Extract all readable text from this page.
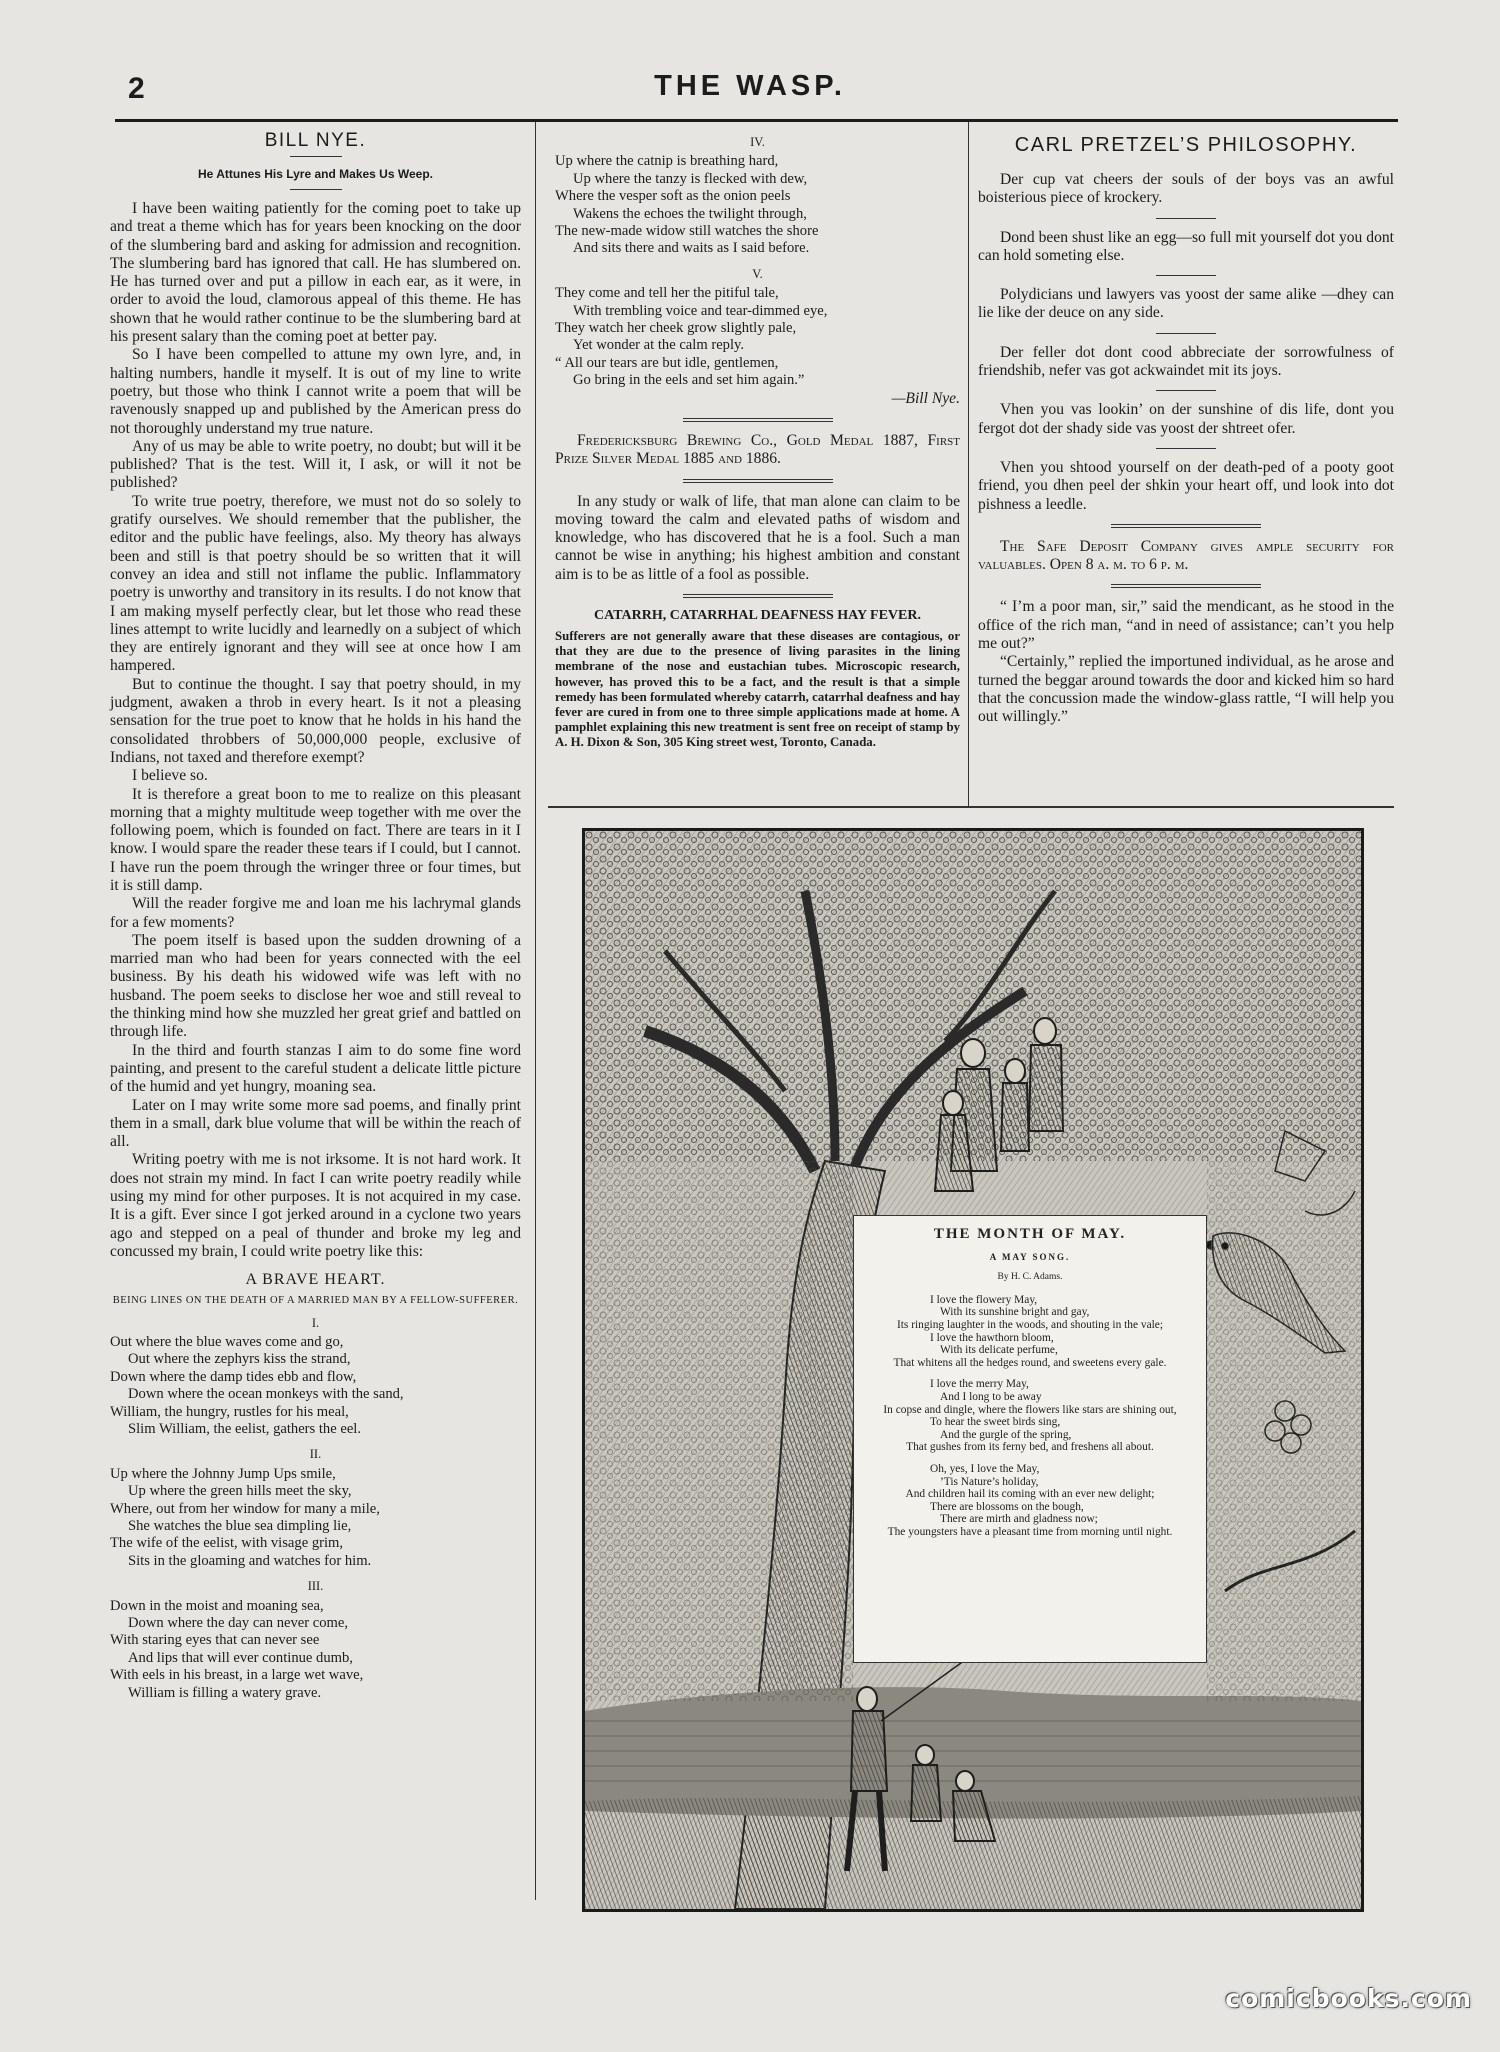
2	THE WASP.
BILL NYE.
He Attunes His Lyre and Makes Us Weep.

I have been waiting patiently for the coming poet to take up and treat a theme which has for years been knocking on the door of the slumbering bard and asking for admission and recognition. The slumbering bard has ignored that call. He has slumbered on. He has turned over and put a pillow in each ear, as it were, in order to avoid the loud, clamorous appeal of this theme. He has shown that he would rather continue to be the slumbering bard at his present salary than the coming poet at better pay.

So I have been compelled to attune my own lyre, and, in halting numbers, handle it myself. It is out of my line to write poetry, but those who think I cannot write a poem that will be ravenously snapped up and published by the American press do not thoroughly understand my true nature.

Any of us may be able to write poetry, no doubt; but will it be published? That is the test. Will it, I ask, or will it not be published?

To write true poetry, therefore, we must not do so solely to gratify ourselves. We should remember that the publisher, the editor and the public have feelings, also. My theory has always been and still is that poetry should be so written that it will convey an idea and still not inflame the public. Inflammatory poetry is unworthy and transitory in its results. I do not know that I am making myself perfectly clear, but let those who read these lines attempt to write lucidly and learnedly on a subject of which they are entirely ignorant and they will see at once how I am hampered.

But to continue the thought. I say that poetry should, in my judgment, awaken a throb in every heart. Is it not a pleasing sensation for the true poet to know that he holds in his hand the consolidated throbbers of 50,000,000 people, exclusive of Indians, not taxed and therefore exempt?

I believe so.

It is therefore a great boon to me to realize on this pleasant morning that a mighty multitude weep together with me over the following poem, which is founded on fact. There are tears in it I know. I would spare the reader these tears if I could, but I cannot. I have run the poem through the wringer three or four times, but it is still damp.

Will the reader forgive me and loan me his lachrymal glands for a few moments?

The poem itself is based upon the sudden drowning of a married man who had been for years connected with the eel business. By his death his widowed wife was left with no husband. The poem seeks to disclose her woe and still reveal to the thinking mind how she muzzled her great grief and battled on through life.

In the third and fourth stanzas I aim to do some fine word painting, and present to the careful student a delicate little picture of the humid and yet hungry, moaning sea.

Later on I may write some more sad poems, and finally print them in a small, dark blue volume that will be within the reach of all.

Writing poetry with me is not irksome. It is not hard work. It does not strain my mind. In fact I can write poetry readily while using my mind for other purposes. It is not acquired in my case. It is a gift. Ever since I got jerked around in a cyclone two years ago and stepped on a peal of thunder and broke my leg and concussed my brain, I could write poetry like this:

A BRAVE HEART.
BEING LINES ON THE DEATH OF A MARRIED MAN BY A FELLOW-SUFFERER.
I.
Out where the blue waves come and go,
Out where the zephyrs kiss the strand,
Down where the damp tides ebb and flow,
Down where the ocean monkeys with the sand,
William, the hungry, rustles for his meal,
Slim William, the eelist, gathers the eel.
II.
Up where the Johnny Jump Ups smile,
Up where the green hills meet the sky,
Where, out from her window for many a mile,
She watches the blue sea dimpling lie,
The wife of the eelist, with visage grim,
Sits in the gloaming and watches for him.
III.
Down in the moist and moaning sea,
Down where the day can never come,
With staring eyes that can never see
And lips that will ever continue dumb,
With eels in his breast, in a large wet wave,
William is filling a watery grave.
IV.
Up where the catnip is breathing hard,
Up where the tanzy is flecked with dew,
Where the vesper soft as the onion peels
Wakens the echoes the twilight through,
The new-made widow still watches the shore
And sits there and waits as I said before.
V.
They come and tell her the pitiful tale,
With trembling voice and tear-dimmed eye,
They watch her cheek grow slightly pale,
Yet wonder at the calm reply.
“ All our tears are but idle, gentlemen,
Go bring in the eels and set him again.”
—Bill Nye.

Fredericksburg Brewing Co., Gold Medal 1887, First Prize Silver Medal 1885 and 1886.

In any study or walk of life, that man alone can claim to be moving toward the calm and elevated paths of wisdom and knowledge, who has discovered that he is a fool. Such a man cannot be wise in anything; his highest ambition and constant aim is to be as little of a fool as possible.

CATARRH, CATARRHAL DEAFNESS HAY FEVER.
Sufferers are not generally aware that these diseases are contagious, or that they are due to the presence of living parasites in the lining membrane of the nose and eustachian tubes. Microscopic research, however, has proved this to be a fact, and the result is that a simple remedy has been formulated whereby catarrh, catarrhal deafness and hay fever are cured in from one to three simple applications made at home. A pamphlet explaining this new treatment is sent free on receipt of stamp by A. H. Dixon & Son, 305 King street west, Toronto, Canada.
CARL PRETZEL’S PHILOSOPHY.

Der cup vat cheers der souls of der boys vas an awful boisterious piece of krockery.

Dond been shust like an egg—so full mit yourself dot you dont can hold someting else.

Polydicians und lawyers vas yoost der same alike —dhey can lie like der deuce on any side.

Der feller dot dont cood abbreciate der sorrowfulness of friendshib, nefer vas got ackwaindet mit its joys.

Vhen you vas lookin’ on der sunshine of dis life, dont you fergot dot der shady side vas yoost der shtreet ofer.

Vhen you shtood yourself on der death-ped of a pooty goot friend, you dhen peel der shkin your heart off, und look into dot pishness a leedle.

The Safe Deposit Company gives ample security for valuables. Open 8 a. m. to 6 p. m.

“ I’m a poor man, sir,” said the mendicant, as he stood in the office of the rich man, “and in need of assistance; can’t you help me out?”

“Certainly,” replied the importuned individual, as he arose and turned the beggar around towards the door and kicked him so hard that the concussion made the window-glass rattle, “I will help you out willingly.”

THE MONTH OF MAY.
A MAY SONG.
By H. C. Adams.
I love the flowery May,
With its sunshine bright and gay,
Its ringing laughter in the woods, and shouting in the vale;
I love the hawthorn bloom,
With its delicate perfume,
That whitens all the hedges round, and sweetens every gale.
I love the merry May,
And I long to be away
In copse and dingle, where the flowers like stars are shining out,
To hear the sweet birds sing,
And the gurgle of the spring,
That gushes from its ferny bed, and freshens all about.
Oh, yes, I love the May,
’Tis Nature’s holiday,
And children hail its coming with an ever new delight;
There are blossoms on the bough,
There are mirth and gladness now;
The youngsters have a pleasant time from morning until night.
comicbooks.com
